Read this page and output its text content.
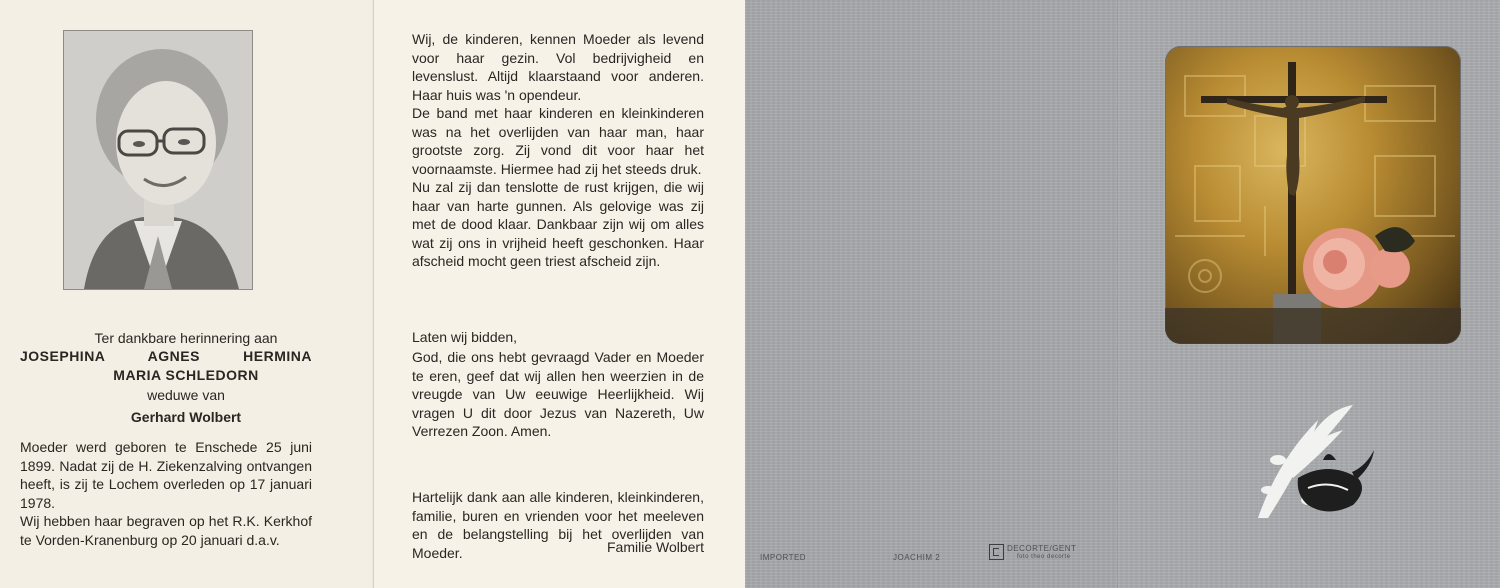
Ter dankbare herinnering aan
JOSEPHINA AGNES HERMINA
MARIA SCHLEDORN
weduwe van
Gerhard Wolbert
Moeder werd geboren te Enschede 25 juni 1899. Nadat zij de H. Ziekenzalving ontvangen heeft, is zij te Lochem overleden op 17 januari 1978.
Wij hebben haar begraven op het R.K. Kerkhof te Vorden-Kranenburg op 20 januari d.a.v.
Wij, de kinderen, kennen Moeder als levend voor haar gezin. Vol bedrijvigheid en levenslust. Altijd klaarstaand voor anderen. Haar huis was 'n opendeur.
De band met haar kinderen en kleinkinderen was na het overlijden van haar man, haar grootste zorg. Zij vond dit voor haar het voornaamste. Hiermee had zij het steeds druk.
Nu zal zij dan tenslotte de rust krijgen, die wij haar van harte gunnen. Als gelovige was zij met de dood klaar. Dankbaar zijn wij om alles wat zij ons in vrijheid heeft geschonken. Haar afscheid mocht geen triest afscheid zijn.
Laten wij bidden,
God, die ons hebt gevraagd Vader en Moeder te eren, geef dat wij allen hen weerzien in de vreugde van Uw eeuwige Heerlijkheid. Wij vragen U dit door Jezus van Nazereth, Uw Verrezen Zoon. Amen.
Hartelijk dank aan alle kinderen, kleinkinderen, familie, buren en vrienden voor het meeleven en de belangstelling bij het overlijden van Moeder.	Familie Wolbert
IMPORTED	JOACHIM 2
DECORTE/GENT
foto theo decorte
